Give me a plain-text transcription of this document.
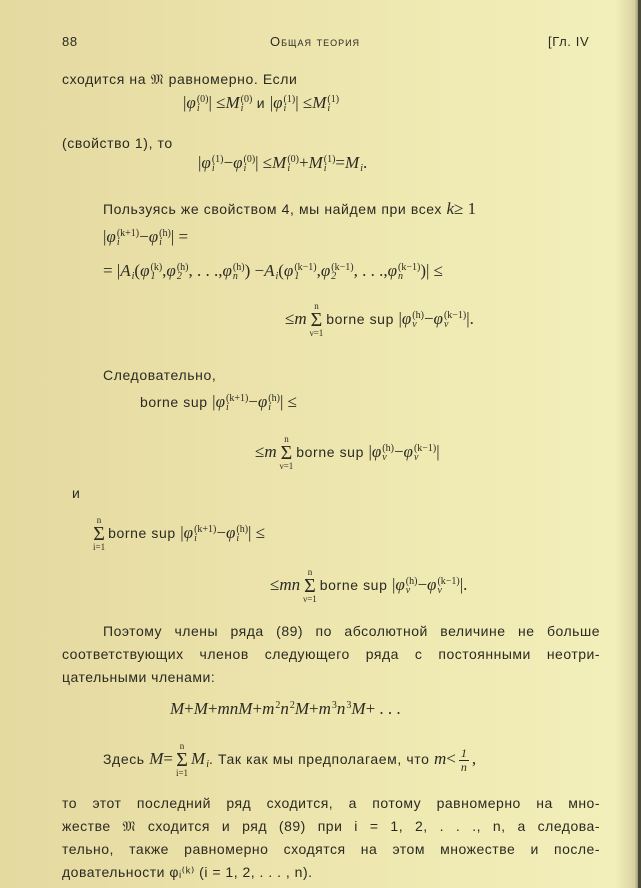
88	Общая теория	[Гл. IV
сходится на 𝔐 равномерно. Если
|φ (0)
i | ≤M (0)
i и |φ (1)
i | ≤M (1)
i
(свойство 1), то
|φ (1)
i −φ (0)
i | ≤M (0)
i +M (1)
i =M
i .
Пользуясь же свойством 4, мы найдем при всех k≥ 1
|φ (k+1)
i	−φ (h)
i | =
= |A
i (φ (k)
1 ,φ (h)
2 , . . .,φ (h)
n ) −A
i (φ (k−1)
1	,φ (k−1)
2	, . . .,φ (k−1)
n	)| ≤
≤m
n
Σ
ν=1
borne sup |φ (h)
ν −φ (k−1)
ν	|.
Следовательно,
borne sup |φ (k+1)
i	−φ (h)
i | ≤
≤m
n
Σ
ν=1
borne sup |φ (h)
ν −φ (k−1)
ν	|
и
n
Σ
i=1
borne sup |φ (k+1)
i	−φ (h)
i | ≤
≤mn
n
Σ
ν=1
borne sup |φ (h)
ν −φ (k−1)
ν	|.
Поэтому члены ряда (89) по абсолютной величине не больше
соответствующих членов следующего ряда с постоянными неотри-
цательными членами:
M+M+mnM+m 2
n 2
M+m 3
n 3
M+ . . .
Здесь M=
n
Σ
i=1
M
i . Так как мы предполагаем, что $m< \frac{1}{n}$ ,
то этот последний ряд сходится, а потому равномерно на мно-
жестве 𝔐 сходится и ряд (89) при i = 1, 2, . . ., n, а следова-
тельно, также равномерно сходятся на этом множестве и после-
довательности φᵢ⁽ᵏ⁾ (i = 1, 2, . . . , n).
